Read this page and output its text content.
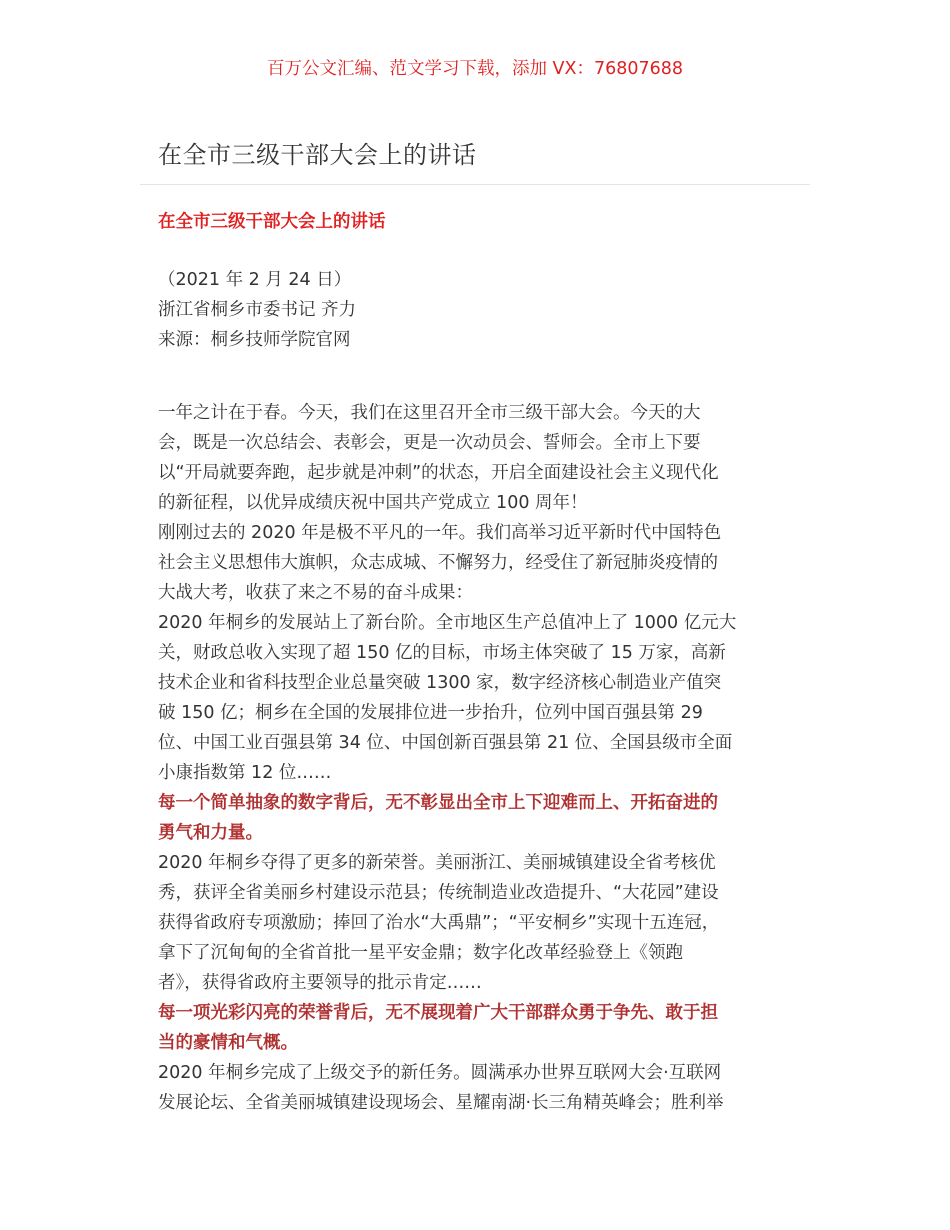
百万公文汇编、范文学习下载，添加 VX：76807688
在全市三级干部大会上的讲话
在全市三级干部大会上的讲话
（2021 年 2 月 24 日）
浙江省桐乡市委书记 齐力
来源：桐乡技师学院官网
一年之计在于春。今天，我们在这里召开全市三级干部大会。今天的大
会，既是一次总结会、表彰会，更是一次动员会、誓师会。全市上下要
以“开局就要奔跑，起步就是冲刺”的状态，开启全面建设社会主义现代化
的新征程，以优异成绩庆祝中国共产党成立 100 周年！
刚刚过去的 2020 年是极不平凡的一年。我们高举习近平新时代中国特色
社会主义思想伟大旗帜，众志成城、不懈努力，经受住了新冠肺炎疫情的
大战大考，收获了来之不易的奋斗成果：
2020 年桐乡的发展站上了新台阶。全市地区生产总值冲上了 1000 亿元大
关，财政总收入实现了超 150 亿的目标，市场主体突破了 15 万家，高新
技术企业和省科技型企业总量突破 1300 家，数字经济核心制造业产值突
破 150 亿；桐乡在全国的发展排位进一步抬升，位列中国百强县第 29
位、中国工业百强县第 34 位、中国创新百强县第 21 位、全国县级市全面
小康指数第 12 位……
每一个简单抽象的数字背后，无不彰显出全市上下迎难而上、开拓奋进的
勇气和力量。
2020 年桐乡夺得了更多的新荣誉。美丽浙江、美丽城镇建设全省考核优
秀，获评全省美丽乡村建设示范县；传统制造业改造提升、“大花园”建设
获得省政府专项激励；捧回了治水“大禹鼎”；“平安桐乡”实现十五连冠，
拿下了沉甸甸的全省首批一星平安金鼎；数字化改革经验登上《领跑
者》，获得省政府主要领导的批示肯定……
每一项光彩闪亮的荣誉背后，无不展现着广大干部群众勇于争先、敢于担
当的豪情和气概。
2020 年桐乡完成了上级交予的新任务。圆满承办世界互联网大会·互联网
发展论坛、全省美丽城镇建设现场会、星耀南湖·长三角精英峰会；胜利举
